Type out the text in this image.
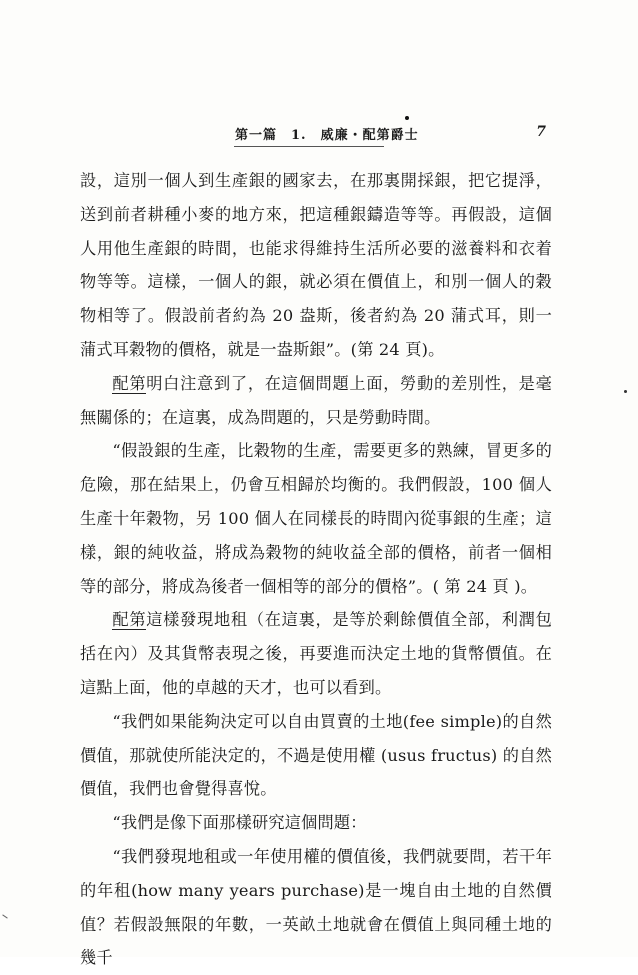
第一篇　1.　威廉・配第爵士	7

設，這別一個人到生產銀的國家去，在那裏開採銀，把它提淨，送到前者耕種小麥的地方來，把這種銀鑄造等等。再假設，這個人用他生產銀的時間，也能求得維持生活所必要的滋養料和衣着物等等。這樣，一個人的銀，就必須在價值上，和別一個人的穀物相等了。假設前者約為 20 盎斯，後者約為 20 蒲式耳，則一蒲式耳穀物的價格，就是一盎斯銀”。(第 24 頁)。

配第明白注意到了，在這個問題上面，勞動的差別性，是毫無關係的；在這裏，成為問題的，只是勞動時間。

“假設銀的生產，比穀物的生產，需要更多的熟練，冒更多的危險，那在結果上，仍會互相歸於均衡的。我們假設，100 個人生產十年穀物，另 100 個人在同樣長的時間內從事銀的生產；這樣，銀的純收益，將成為穀物的純收益全部的價格，前者一個相等的部分，將成為後者一個相等的部分的價格”。( 第 24 頁 )。

配第這樣發現地租（在這裏，是等於剩餘價值全部，利潤包括在內）及其貨幣表現之後，再要進而決定土地的貨幣價值。在這點上面，他的卓越的天才，也可以看到。

“我們如果能夠決定可以自由買賣的土地(fee simple)的自然價值，那就使所能決定的，不過是使用權 (usus fructus) 的自然價值，我們也會覺得喜悅。

“我們是像下面那樣研究這個問題：

“我們發現地租或一年使用權的價值後，我們就要問，若干年的年租(how many years purchase)是一塊自由土地的自然價值？若假設無限的年數，一英畝土地就會在價值上與同種土地的幾千
